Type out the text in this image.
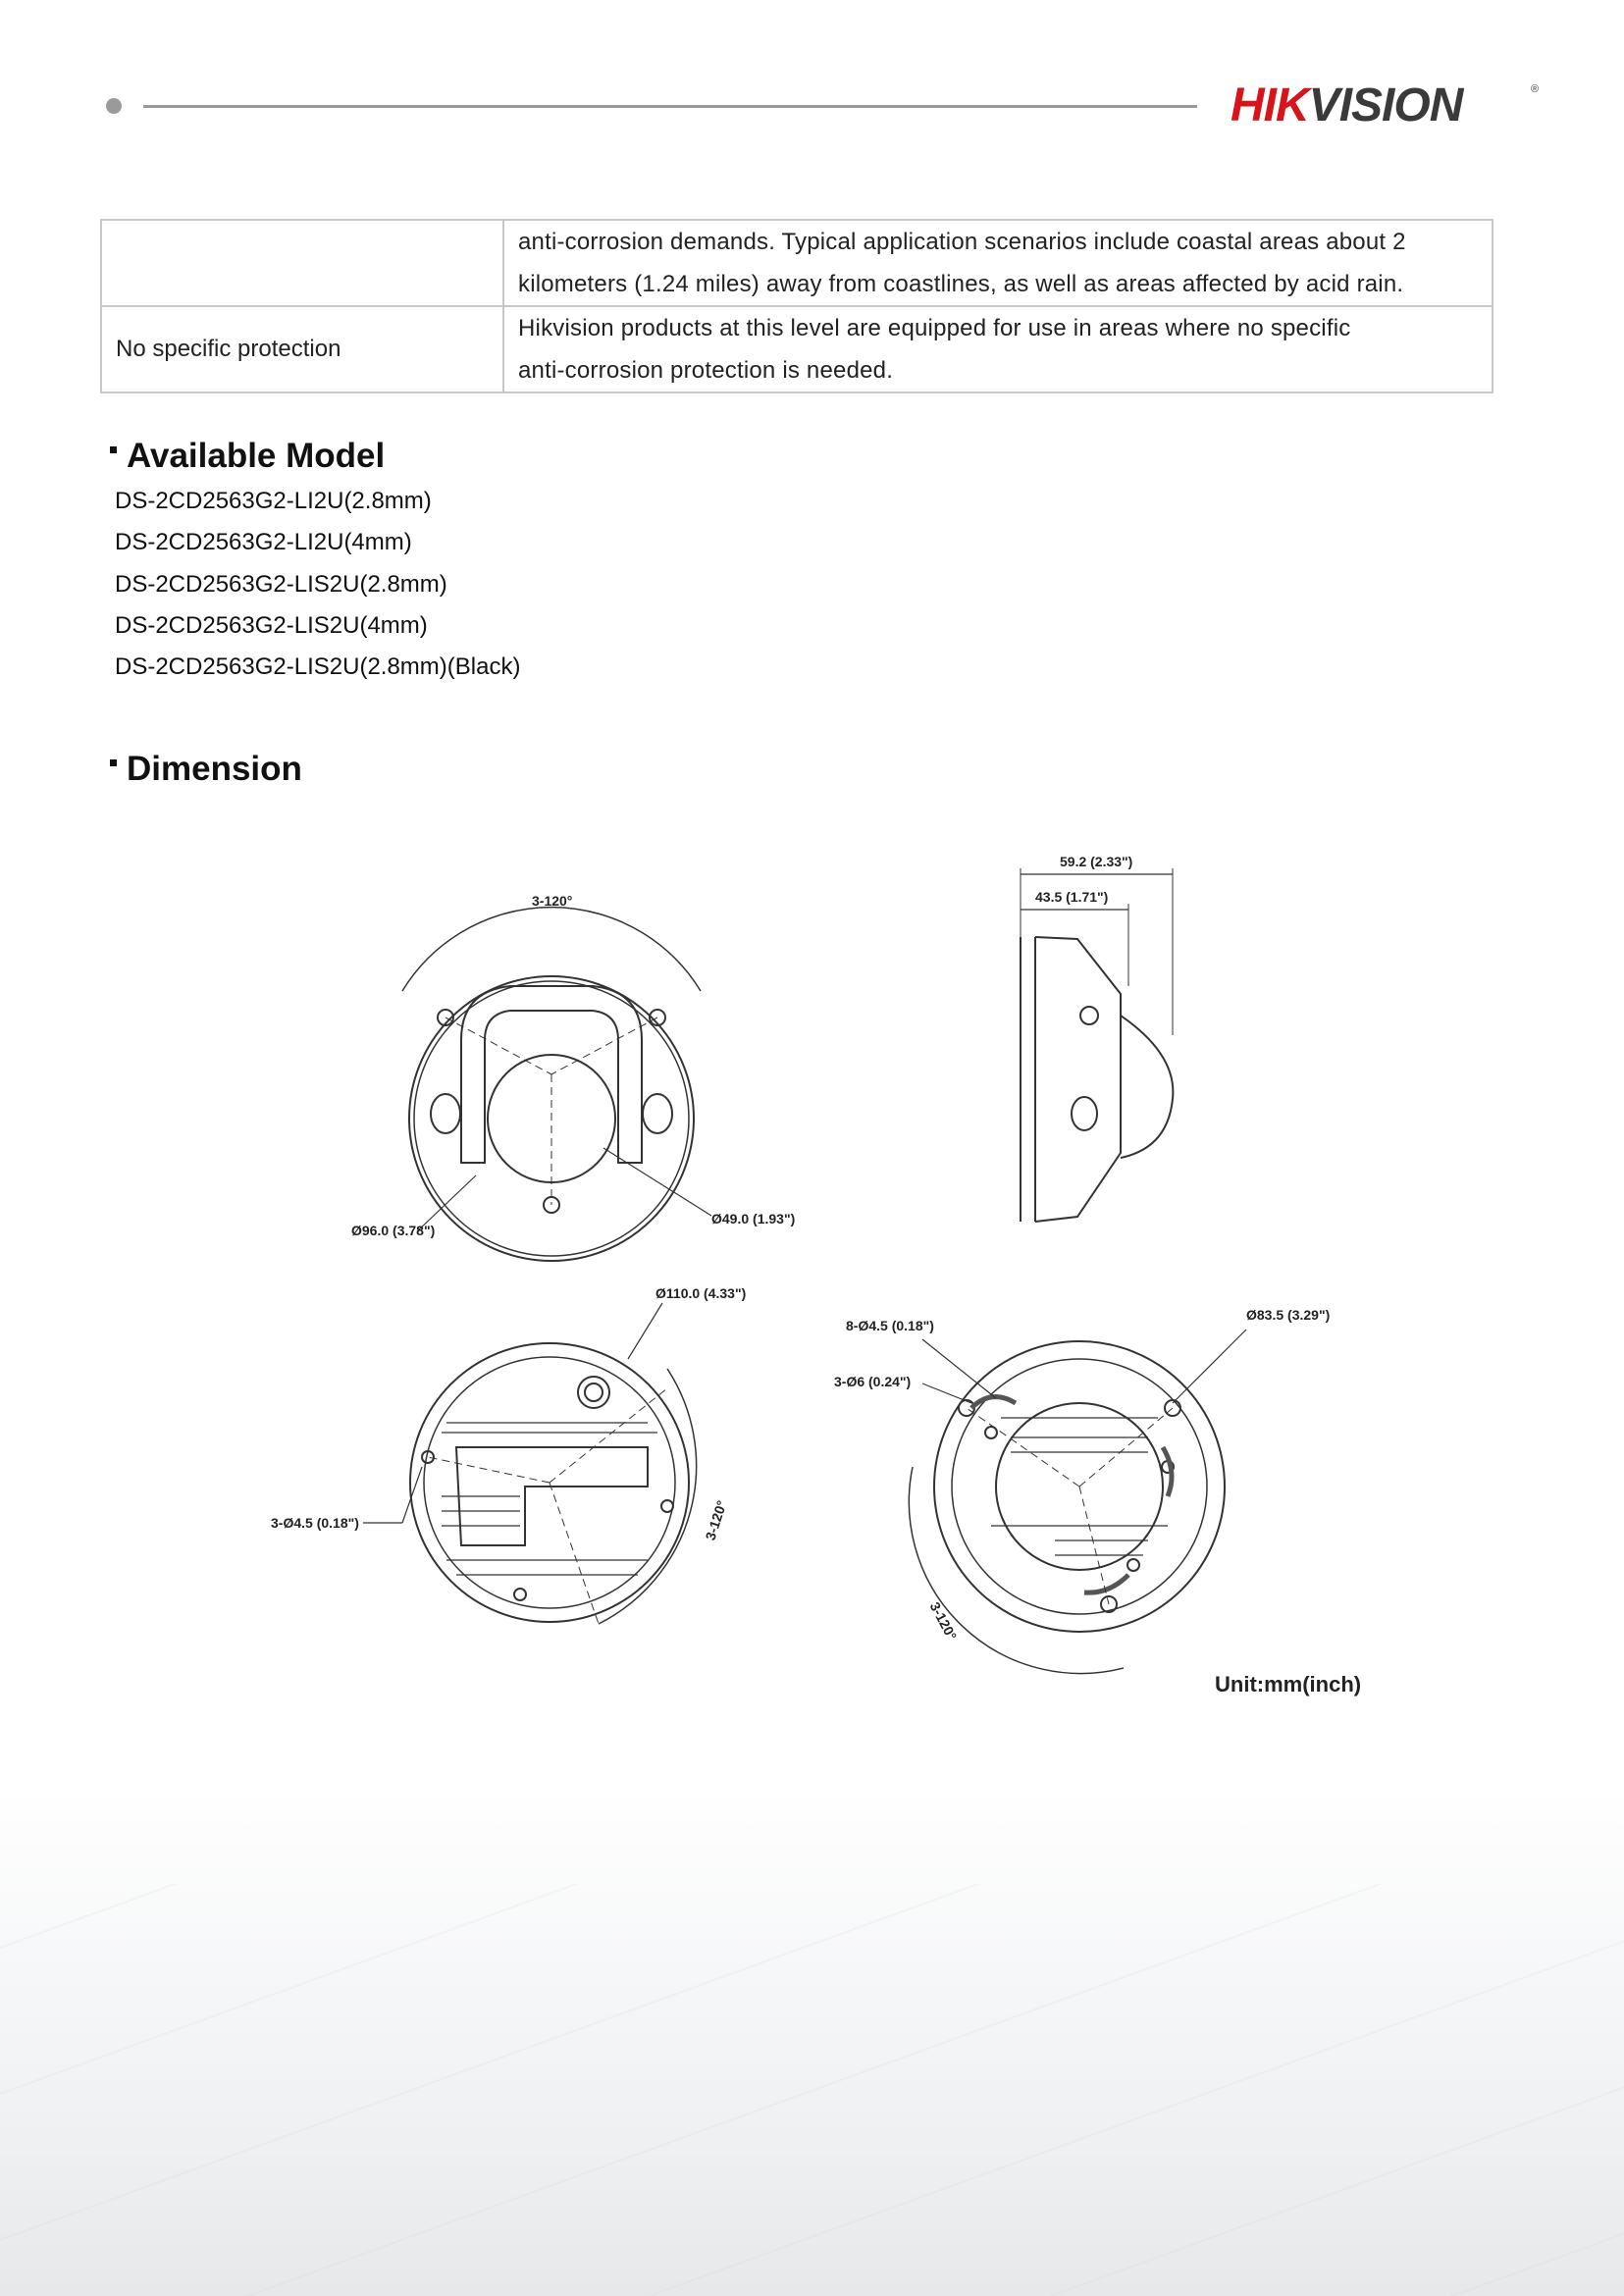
HIKVISION	®

	anti-corrosion demands. Typical application scenarios include coastal areas about 2

kilometers (1.24 miles) away from coastlines, as well as areas affected by acid rain.

No specific protection	Hikvision products at this level are equipped for use in areas where no specific

anti-corrosion protection is needed.

Available Model
DS-2CD2563G2-LI2U(2.8mm)
DS-2CD2563G2-LI2U(4mm)
DS-2CD2563G2-LIS2U(2.8mm)
DS-2CD2563G2-LIS2U(4mm)
DS-2CD2563G2-LIS2U(2.8mm)(Black)
Dimension
3-120°
Ø96.0 (3.78")
Ø49.0 (1.93")
59.2 (2.33")
43.5 (1.71")
Ø110.0 (4.33")
3-Ø4.5 (0.18")	3-120°
8-Ø4.5 (0.18")
Ø83.5 (3.29")
3-Ø6 (0.24")
3-120°
Unit:mm(inch)
